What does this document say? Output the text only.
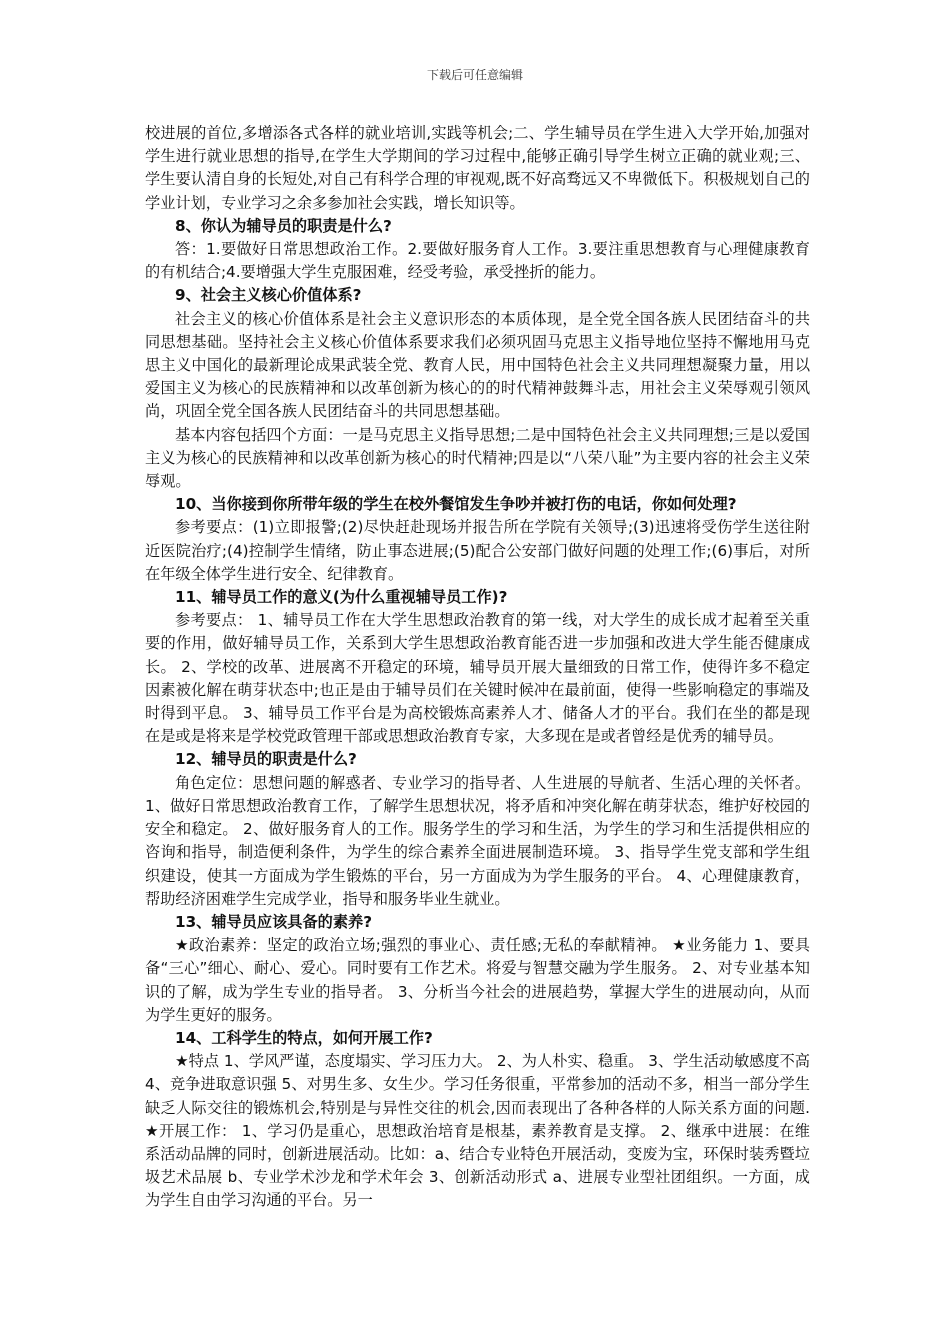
下载后可任意编辑

校进展的首位,多增添各式各样的就业培训,实践等机会;二、学生辅导员在学生进入大学开始,加强对学生进行就业思想的指导,在学生大学期间的学习过程中,能够正确引导学生树立正确的就业观;三、学生要认清自身的长短处,对自己有科学合理的审视观,既不好高骛远又不卑微低下。积极规划自己的学业计划，专业学习之余多参加社会实践，增长知识等。

8、你认为辅导员的职责是什么?

答：1.要做好日常思想政治工作。2.要做好服务育人工作。3.要注重思想教育与心理健康教育的有机结合;4.要增强大学生克服困难，经受考验，承受挫折的能力。

9、社会主义核心价值体系?

社会主义的核心价值体系是社会主义意识形态的本质体现，是全党全国各族人民团结奋斗的共同思想基础。坚持社会主义核心价值体系要求我们必须巩固马克思主义指导地位坚持不懈地用马克思主义中国化的最新理论成果武装全党、教育人民，用中国特色社会主义共同理想凝聚力量，用以爱国主义为核心的民族精神和以改革创新为核心的的时代精神鼓舞斗志，用社会主义荣辱观引领风尚，巩固全党全国各族人民团结奋斗的共同思想基础。

基本内容包括四个方面：一是马克思主义指导思想;二是中国特色社会主义共同理想;三是以爱国主义为核心的民族精神和以改革创新为核心的时代精神;四是以“八荣八耻”为主要内容的社会主义荣辱观。

10、当你接到你所带年级的学生在校外餐馆发生争吵并被打伤的电话，你如何处理?

参考要点：(1)立即报警;(2)尽快赶赴现场并报告所在学院有关领导;(3)迅速将受伤学生送往附近医院治疗;(4)控制学生情绪，防止事态进展;(5)配合公安部门做好问题的处理工作;(6)事后，对所在年级全体学生进行安全、纪律教育。

11、辅导员工作的意义(为什么重视辅导员工作)?

参考要点： 1、辅导员工作在大学生思想政治教育的第一线，对大学生的成长成才起着至关重要的作用，做好辅导员工作，关系到大学生思想政治教育能否进一步加强和改进大学生能否健康成长。 2、学校的改革、进展离不开稳定的环境，辅导员开展大量细致的日常工作，使得许多不稳定因素被化解在萌芽状态中;也正是由于辅导员们在关键时候冲在最前面，使得一些影响稳定的事端及时得到平息。 3、辅导员工作平台是为高校锻炼高素养人才、储备人才的平台。我们在坐的都是现在是或是将来是学校党政管理干部或思想政治教育专家，大多现在是或者曾经是优秀的辅导员。

12、辅导员的职责是什么?

角色定位：思想问题的解惑者、专业学习的指导者、人生进展的导航者、生活心理的关怀者。1、做好日常思想政治教育工作，了解学生思想状况，将矛盾和冲突化解在萌芽状态，维护好校园的安全和稳定。 2、做好服务育人的工作。服务学生的学习和生活，为学生的学习和生活提供相应的咨询和指导，制造便利条件，为学生的综合素养全面进展制造环境。 3、指导学生党支部和学生组织建设，使其一方面成为学生锻炼的平台，另一方面成为为学生服务的平台。 4、心理健康教育，帮助经济困难学生完成学业，指导和服务毕业生就业。

13、辅导员应该具备的素养?

★政治素养：坚定的政治立场;强烈的事业心、责任感;无私的奉献精神。 ★业务能力 1、要具备“三心”细心、耐心、爱心。同时要有工作艺术。将爱与智慧交融为学生服务。 2、对专业基本知识的了解，成为学生专业的指导者。 3、分析当今社会的进展趋势，掌握大学生的进展动向，从而为学生更好的服务。

14、工科学生的特点，如何开展工作?

★特点 1、学风严谨，态度塌实、学习压力大。 2、为人朴实、稳重。 3、学生活动敏感度不高 4、竞争进取意识强 5、对男生多、女生少。学习任务很重，平常参加的活动不多，相当一部分学生缺乏人际交往的锻炼机会,特别是与异性交往的机会,因而表现出了各种各样的人际关系方面的问题. ★开展工作： 1、学习仍是重心，思想政治培育是根基，素养教育是支撑。 2、继承中进展：在维系活动品牌的同时，创新进展活动。比如：a、结合专业特色开展活动，变废为宝，环保时装秀暨垃圾艺术品展 b、专业学术沙龙和学术年会 3、创新活动形式 a、进展专业型社团组织。一方面，成为学生自由学习沟通的平台。另一
